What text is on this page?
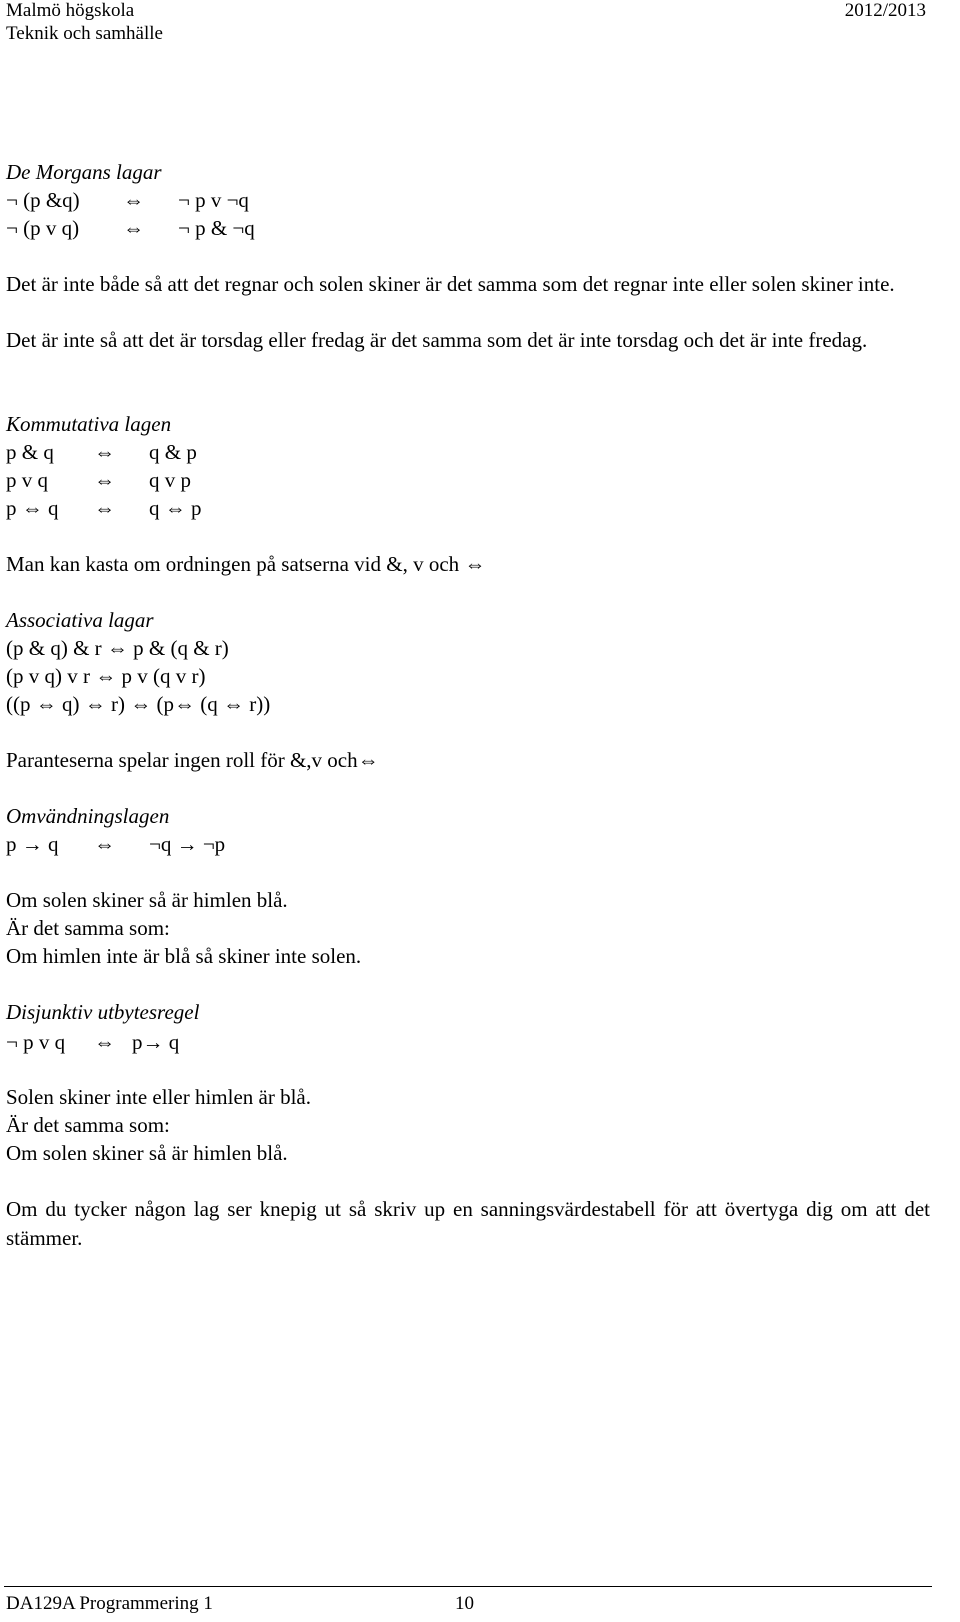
Malmö högskola
Teknik och samhälle
2012/2013
De Morgans lagar
¬ (p &q) ⇔ ¬ p v ¬q
¬ (p v q) ⇔ ¬ p & ¬q
Det är inte både så att det regnar och solen skiner är det samma som det regnar inte eller solen skiner inte.
Det är inte så att det är torsdag eller fredag är det samma som det är inte torsdag och det är inte fredag.
Kommutativa lagen
p & q ⇔ q & p
p v q ⇔ q v p
p ⇔ q ⇔ q ⇔ p
Man kan kasta om ordningen på satserna vid &, v och ⇔
Associativa lagar
(p & q) & r ⇔ p & (q & r)
(p v q) v r ⇔ p v (q v r)
((p ⇔ q) ⇔ r) ⇔ (p⇔ (q ⇔ r))
Paranteserna spelar ingen roll för &,v och⇔
Omvändningslagen
p → q ⇔ ¬q → ¬p
Om solen skiner så är himlen blå.
Är det samma som:
Om himlen inte är blå så skiner inte solen.
Disjunktiv utbytesregel
¬ p v q ⇔ p→ q
Solen skiner inte eller himlen är blå.
Är det samma som:
Om solen skiner så är himlen blå.
Om du tycker någon lag ser knepig ut så skriv up en sanningsvärdestabell för att övertyga dig om att det stämmer.
DA129A Programmering 1	10
